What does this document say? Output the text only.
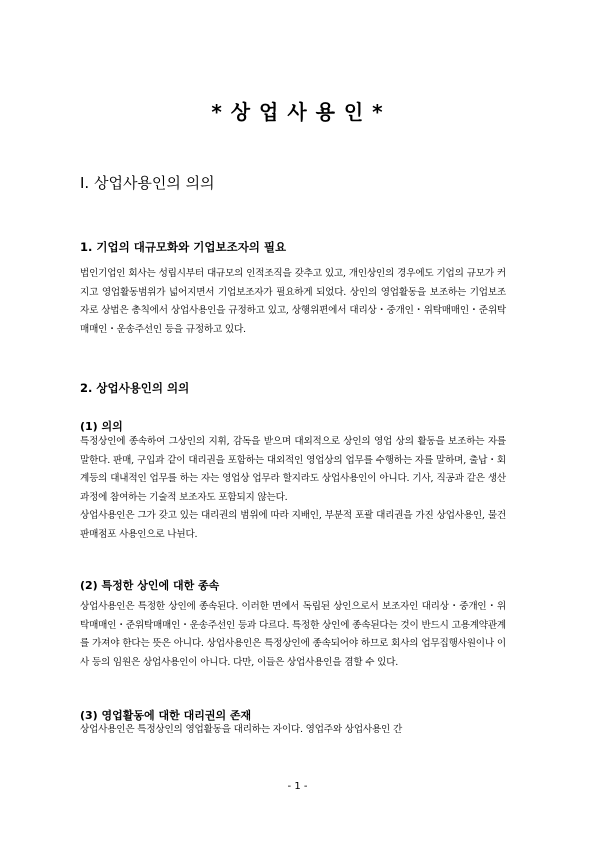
* 상 업 사 용 인 *
Ⅰ. 상업사용인의 의의
1. 기업의 대규모화와 기업보조자의 필요

법인기업인 회사는 성립시부터 대규모의 인적조직을 갖추고 있고, 개인상인의 경우에도 기업의 규모가 커지고 영업활동범위가 넓어지면서 기업보조자가 필요하게 되었다. 상인의 영업활동을 보조하는 기업보조자로 상법은 총칙에서 상업사용인을 규정하고 있고, 상행위편에서 대리상・중개인・위탁매매인・준위탁매매인・운송주선인 등을 규정하고 있다.

2. 상업사용인의 의의
(1) 의의

특정상인에 종속하여 그상인의 지휘, 감독을 받으며 대외적으로 상인의 영업 상의 활동을 보조하는 자를 말한다. 판매, 구입과 같이 대리권을 포함하는 대외적인 영업상의 업무를 수행하는 자를 말하며, 출납・회계등의 대내적인 업무를 하는 자는 영업상 업무라 할지라도 상업사용인이 아니다. 기사, 직공과 같은 생산과정에 참여하는 기술적 보조자도 포함되지 않는다.

상업사용인은 그가 갖고 있는 대리권의 범위에 따라 지배인, 부분적 포괄 대리권을 가진 상업사용인, 물건 판매점포 사용인으로 나뉜다.

(2) 특정한 상인에 대한 종속

상업사용인은 특정한 상인에 종속된다. 이러한 면에서 독립된 상인으로서 보조자인 대리상・중개인・위탁매매인・준위탁매매인・운송주선인 등과 다르다. 특정한 상인에 종속된다는 것이 반드시 고용계약관계를 가져야 한다는 뜻은 아니다. 상업사용인은 특정상인에 종속되어야 하므로 회사의 업무집행사원이나 이사 등의 임원은 상업사용인이 아니다. 다만, 이들은 상업사용인을 겸할 수 있다.

(3) 영업활동에 대한 대리권의 존재

상업사용인은 특정상인의 영업활동을 대리하는 자이다. 영업주와 상업사용인 간

- 1 -
